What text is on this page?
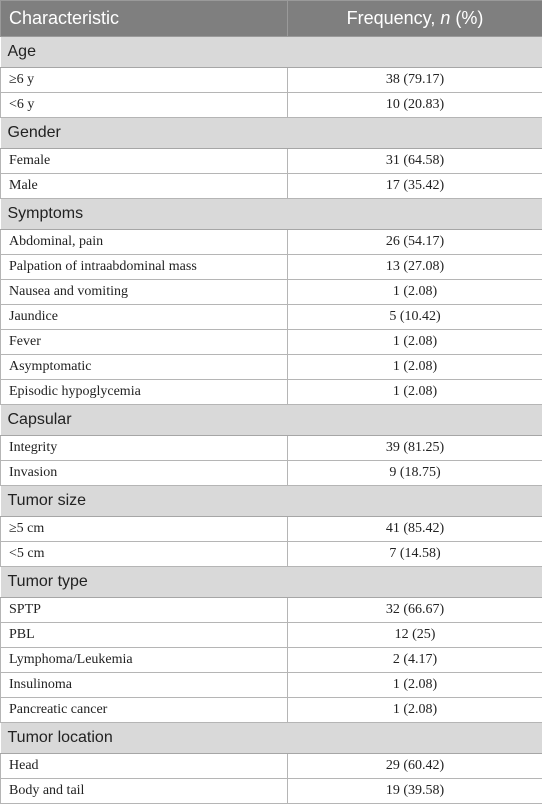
Characteristic	Frequency, n (%)
Age	
≥6 y	38 (79.17)
<6 y	10 (20.83)
Gender	
Female	31 (64.58)
Male	17 (35.42)
Symptoms	
Abdominal, pain	26 (54.17)
Palpation of intraabdominal mass	13 (27.08)
Nausea and vomiting	1 (2.08)
Jaundice	5 (10.42)
Fever	1 (2.08)
Asymptomatic	1 (2.08)
Episodic hypoglycemia	1 (2.08)
Capsular	
Integrity	39 (81.25)
Invasion	9 (18.75)
Tumor size	
≥5 cm	41 (85.42)
<5 cm	7 (14.58)
Tumor type	
SPTP	32 (66.67)
PBL	12 (25)
Lymphoma/Leukemia	2 (4.17)
Insulinoma	1 (2.08)
Pancreatic cancer	1 (2.08)
Tumor location	
Head	29 (60.42)
Body and tail	19 (39.58)
